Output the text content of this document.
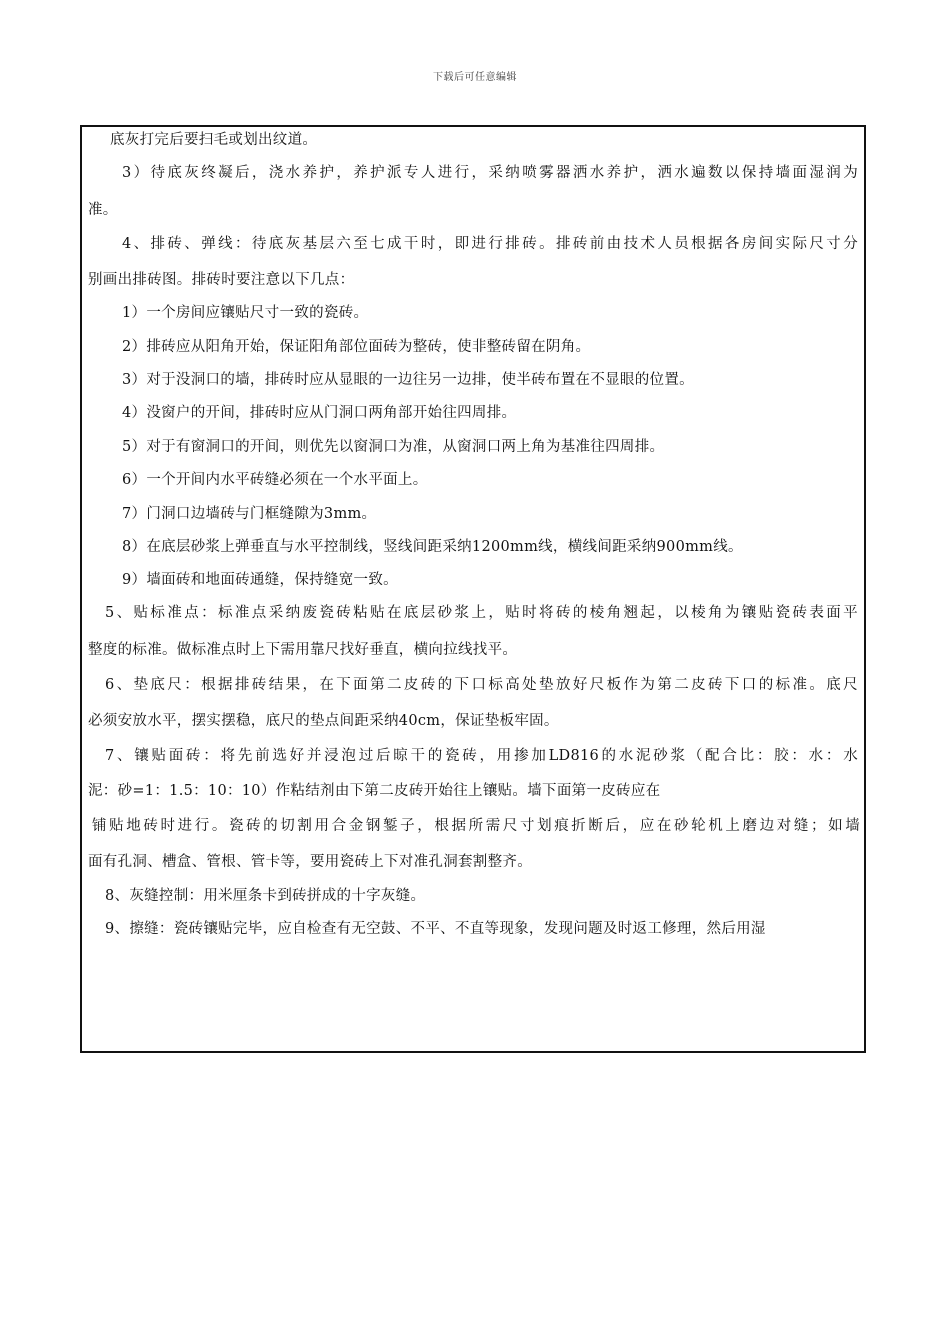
下载后可任意编辑
底灰打完后要扫毛或划出纹道。
3）待底灰终凝后，浇水养护，养护派专人进行，采纳喷雾器洒水养护，洒水遍数以保持墙面湿润为
准。
4、排砖、弹线：待底灰基层六至七成干时，即进行排砖。排砖前由技术人员根据各房间实际尺寸分
别画出排砖图。排砖时要注意以下几点：
1）一个房间应镶贴尺寸一致的瓷砖。
2）排砖应从阳角开始，保证阳角部位面砖为整砖，使非整砖留在阴角。
3）对于没洞口的墙，排砖时应从显眼的一边往另一边排，使半砖布置在不显眼的位置。
4）没窗户的开间，排砖时应从门洞口两角部开始往四周排。
5）对于有窗洞口的开间，则优先以窗洞口为准，从窗洞口两上角为基准往四周排。
6）一个开间内水平砖缝必须在一个水平面上。
7）门洞口边墙砖与门框缝隙为3mm。
8）在底层砂浆上弹垂直与水平控制线，竖线间距采纳1200mm线，横线间距采纳900mm线。
9）墙面砖和地面砖通缝，保持缝宽一致。
5、贴标准点：标准点采纳废瓷砖粘贴在底层砂浆上，贴时将砖的棱角翘起，以棱角为镶贴瓷砖表面平
整度的标准。做标准点时上下需用靠尺找好垂直，横向拉线找平。
6、垫底尺：根据排砖结果，在下面第二皮砖的下口标高处垫放好尺板作为第二皮砖下口的标准。底尺
必须安放水平，摆实摆稳，底尺的垫点间距采纳40cm，保证垫板牢固。
7、镶贴面砖：将先前选好并浸泡过后晾干的瓷砖，用掺加LD816的水泥砂浆（配合比：胶：水：水
泥：砂=1：1.5：10：10）作粘结剂由下第二皮砖开始往上镶贴。墙下面第一皮砖应在
铺贴地砖时进行。瓷砖的切割用合金钢錾子，根据所需尺寸划痕折断后，应在砂轮机上磨边对缝；如墙
面有孔洞、槽盒、管根、管卡等，要用瓷砖上下对准孔洞套割整齐。
8、灰缝控制：用米厘条卡到砖拼成的十字灰缝。
9、擦缝：瓷砖镶贴完毕，应自检查有无空鼓、不平、不直等现象，发现问题及时返工修理，然后用湿
